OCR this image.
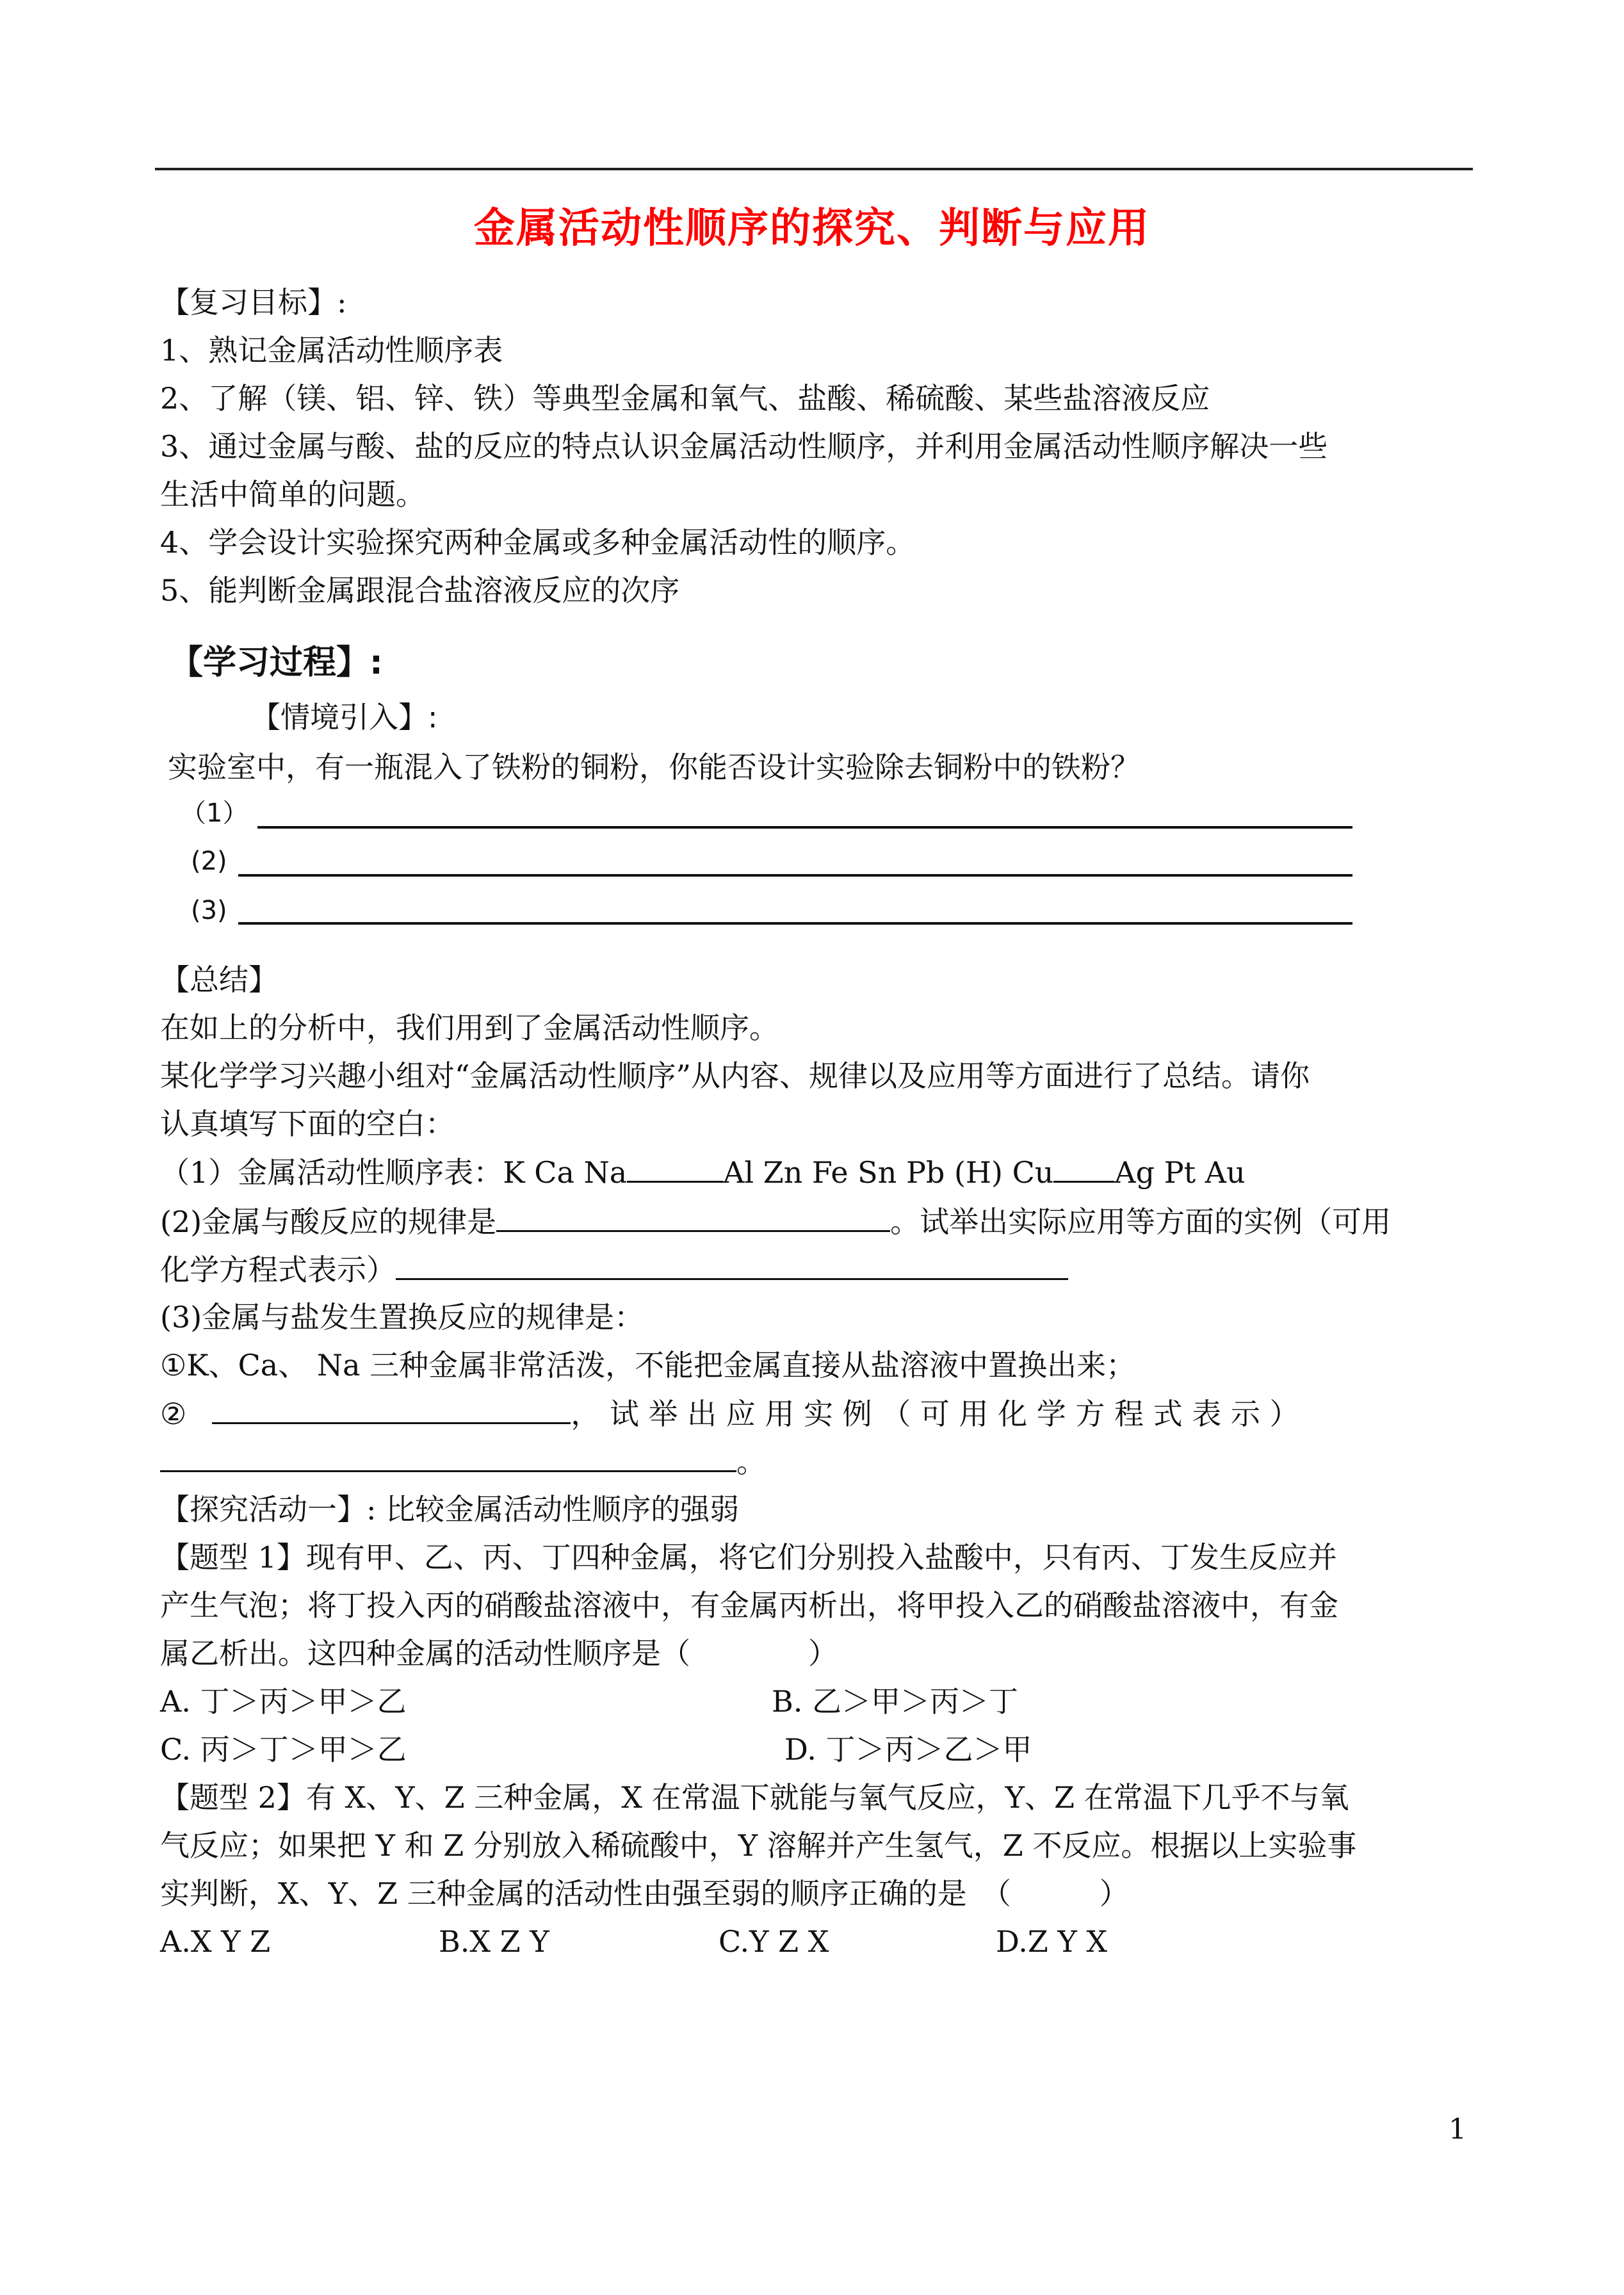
金属活动性顺序的探究、判断与应用
【复习目标】:
1、熟记金属活动性顺序表
2、了解（镁、铝、锌、铁）等典型金属和氧气、盐酸、稀硫酸、某些盐溶液反应
3、通过金属与酸、盐的反应的特点认识金属活动性顺序，并利用金属活动性顺序解决一些
生活中简单的问题。
4、学会设计实验探究两种金属或多种金属活动性的顺序。
5、能判断金属跟混合盐溶液反应的次序
【学习过程】:
【情境引入】:
实验室中，有一瓶混入了铁粉的铜粉，你能否设计实验除去铜粉中的铁粉？
（1）
(2)
(3)
【总结】
在如上的分析中，我们用到了金属活动性顺序。
某化学学习兴趣小组对“金属活动性顺序”从内容、规律以及应用等方面进行了总结。请你
认真填写下面的空白：
（1）金属活动性顺序表：K Ca Na	Al Zn Fe Sn Pb (H) Cu Ag Pt Au
(2)金属与酸反应的规律是	。试举出实际应用等方面的实例（可用
化学方程式表示）
(3)金属与盐发生置换反应的规律是：
①K、Ca、 Na 三种金属非常活泼，不能把金属直接从盐溶液中置换出来；
②	， 试 举 出 应 用 实 例 （ 可 用 化 学 方 程 式 表 示 ）
。
【探究活动一】: 比较金属活动性顺序的强弱
【题型 1】现有甲、乙、丙、丁四种金属，将它们分别投入盐酸中，只有丙、丁发生反应并
产生气泡；将丁投入丙的硝酸盐溶液中，有金属丙析出，将甲投入乙的硝酸盐溶液中，有金
属乙析出。这四种金属的活动性顺序是（　　　　）
A. 丁＞丙＞甲＞乙	B. 乙＞甲＞丙＞丁
C. 丙＞丁＞甲＞乙	D. 丁＞丙＞乙＞甲
【题型 2】有 X、Y、Z 三种金属，X 在常温下就能与氧气反应，Y、Z 在常温下几乎不与氧
气反应；如果把 Y 和 Z 分别放入稀硫酸中，Y 溶解并产生氢气，Z 不反应。根据以上实验事
实判断，X、Y、Z 三种金属的活动性由强至弱的顺序正确的是　（　　　）
A.X Y Z	B.X Z Y	C.Y Z X	D.Z Y X
1
